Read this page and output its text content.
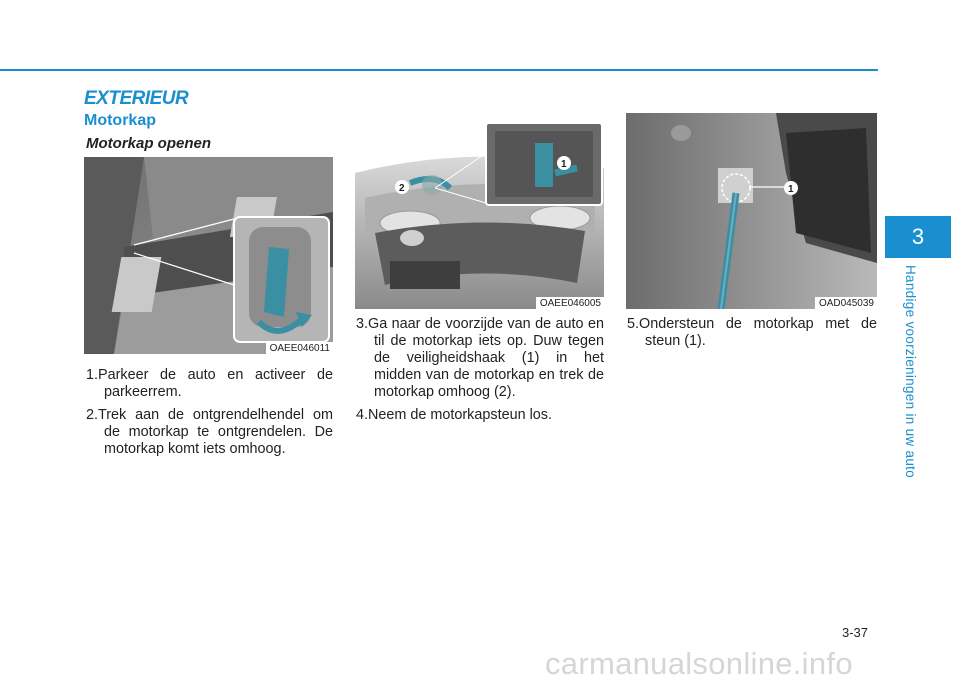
EXTERIEUR
Motorkap
Motorkap openen
OAEE046011
1
2
OAEE046005
1
OAD045039

1.Parkeer de auto en activeer de parkeerrem.

2.Trek aan de ontgrendelhendel om de motorkap te ontgrendelen. De motorkap komt iets omhoog.

3.Ga naar de voorzijde van de auto en til de motorkap iets op. Duw tegen de veiligheidshaak (1) in het midden van de motorkap en trek de motorkap omhoog (2).

4.Neem de motorkapsteun los.

5.Ondersteun de motorkap met de steun (1).

3
Handige voorzieningen in uw auto
3-37
carmanualsonline.info
